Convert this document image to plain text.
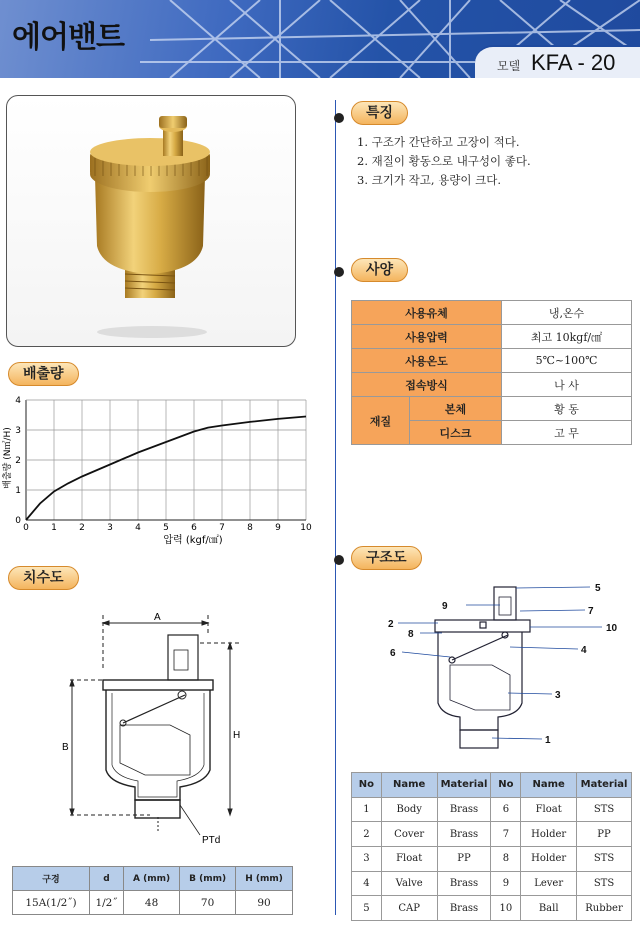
에어밴트
모델 KFA - 20
특징
1. 구조가 간단하고 고장이 적다.
2. 재질이 황동으로 내구성이 좋다.
3. 크기가 작고, 용량이 크다.
사양
사용유체		냉,온수
사용압력		최고 10kgf/㎠
사용온도		5℃~100℃
접속방식		나 사
재질	본체	황 동
	디스크	고 무
배출량
0 1 2 3 4 5 6 7 8 9 10
0
1
2
3
4
압력 (kgf/㎠)
배출량 (N㎥/H)
치수도
A
B
H
PTd
구경	d	A (mm)	B (mm)	H (mm)
15A(1/2˝)	1/2˝	48	70	90
구조도
5
9	7
2	10
8
6	4
3
1
No	Name	Material	No	Name	Material
1	Body	Brass	6	Float	STS
2	Cover	Brass	7	Holder	PP
3	Float	PP	8	Holder	STS
4	Valve	Brass	9	Lever	STS
5	CAP	Brass	10	Ball	Rubber
